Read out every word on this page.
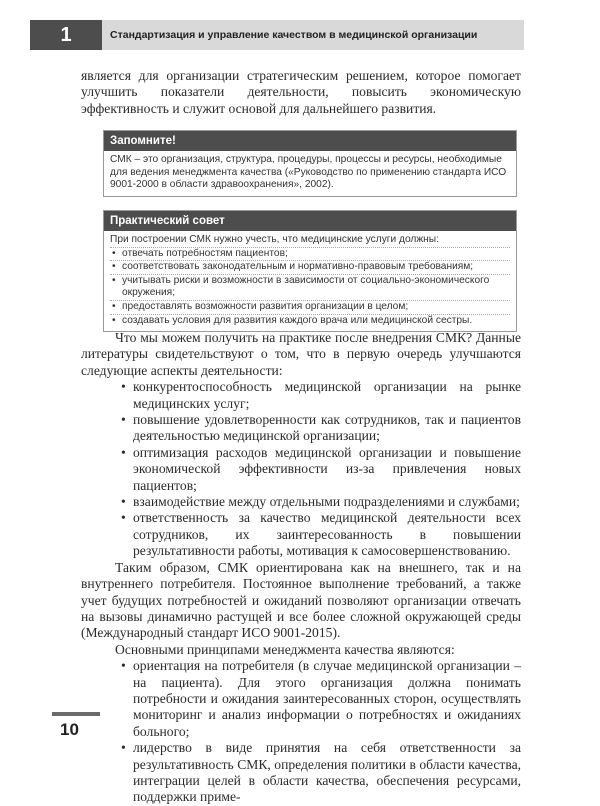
1	Стандартизация и управление качеством в медицинской организации

является для организации стратегическим решением, которое помогает улучшить показатели деятельности, повысить экономическую эффективность и служит основой для дальнейшего развития.

Запомните!
СМК – это организация, структура, процедуры, процессы и ресурсы, необходимые для ведения менеджмента качества («Руководство по применению стандарта ИСО 9001-2000 в области здравоохранения», 2002).
Практический совет
При построении СМК нужно учесть, что медицинские услуги должны:
• отвечать потребностям пациентов;
• соответствовать законодательным и нормативно-правовым требованиям;
• учитывать риски и возможности в зависимости от социально-экономического окружения;
• предоставлять возможности развития организации в целом;
• создавать условия для развития каждого врача или медицинской сестры.

Что мы можем получить на практике после внедрения СМК? Данные литературы свидетельствуют о том, что в первую очередь улучшаются следующие аспекты деятельности:

• конкурентоспособность медицинской организации на рынке медицинских услуг;
• повышение удовлетворенности как сотрудников, так и пациентов деятельностью медицинской организации;
• оптимизация расходов медицинской организации и повышение экономической эффективности из-за привлечения новых пациентов;
• взаимодействие между отдельными подразделениями и службами;
• ответственность за качество медицинской деятельности всех сотрудников, их заинтересованность в повышении результативности работы, мотивация к самосовершенствованию.

Таким образом, СМК ориентирована как на внешнего, так и на внутреннего потребителя. Постоянное выполнение требований, а также учет будущих потребностей и ожиданий позволяют организации отвечать на вызовы динамично растущей и все более сложной окружающей среды (Международный стандарт ИСО 9001-2015).

Основными принципами менеджмента качества являются:

• ориентация на потребителя (в случае медицинской организации – на пациента). Для этого организация должна понимать потребности и ожидания заинтересованных сторон, осуществлять мониторинг и анализ информации о потребностях и ожиданиях больного;
• лидерство в виде принятия на себя ответственности за результативность СМК, определения политики в области качества, интеграции целей в области качества, обеспечения ресурсами, поддержки приме-
10
